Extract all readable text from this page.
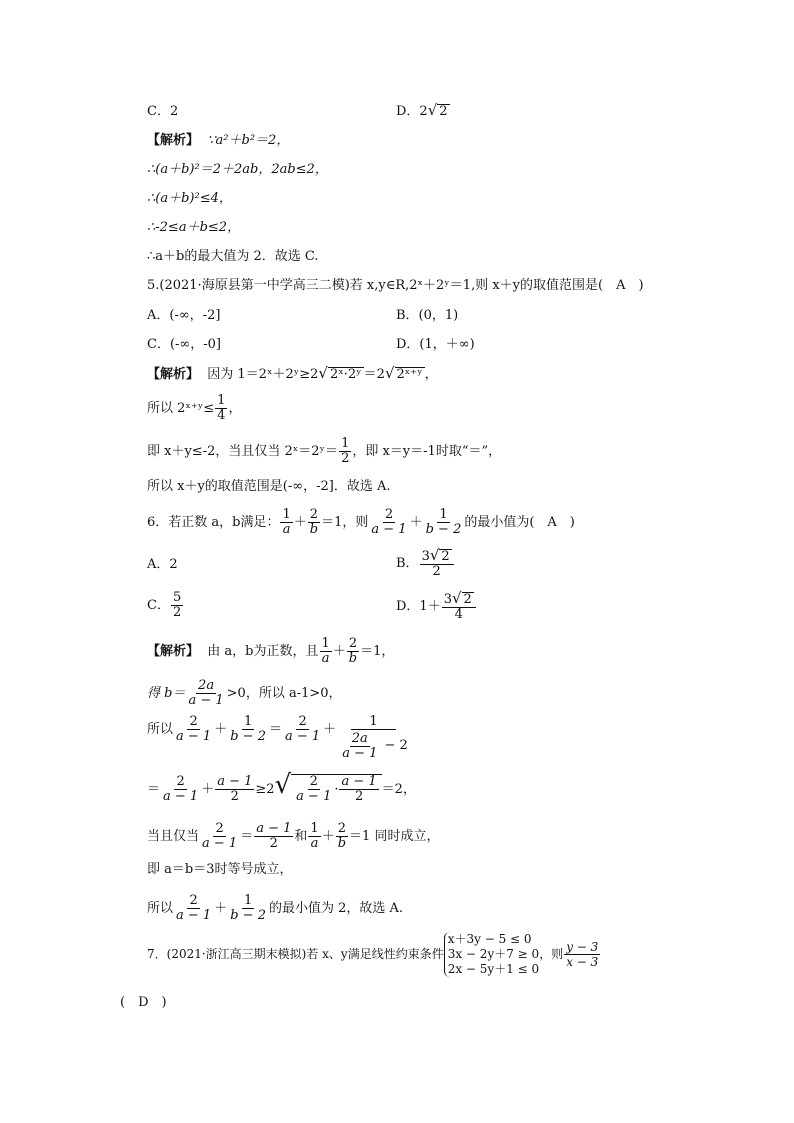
C．2	D．2√ 2
【解析】 ∵a²＋b²＝2，
∴(a＋b)²＝2＋2ab，2ab≤2，
∴(a＋b)²≤4，
∴-2≤a＋b≤2，
∴a＋b的最大值为 2．故选 C.
5.(2021·海原县第一中学高三二模)若 x,y∈R,2ˣ＋2ʸ＝1,则 x＋y的取值范围是(　A　)
A．(-∞，-2]	B．(0，1)
C．(-∞，-0]	D．(1，＋∞)
【解析】 因为 1＝2ˣ＋2ʸ≥2√ 2ˣ·2ʸ ＝2√ 2ˣ⁺ʸ ，
所以 2ˣ⁺ʸ≤ $\frac{1}{4}$ ，
即 x＋y≤-2，当且仅当 2ˣ＝2ʸ＝ $\frac{1}{2}$ ，即 x＝y＝-1时取“＝”，
所以 x＋y的取值范围是(-∞，-2]．故选 A.
6．若正数 a，b满足： $\frac{1}{a} + \frac{2}{b} =1$，则 $\frac{2}{a - 1} + \frac{1}{b - 2}$ 的最小值为(　A　)
A．2	B． $\frac{3√ 2}{2}$
C． $\frac{5}{2}$	D．$1+ \frac{3√ 2}{4}$
【解析】 由 a，b为正数，且 $\frac{1}{a} + \frac{2}{b} =1$，
得 $b= \frac{2a}{a - 1} >0$，所以 a-1>0，
所以 $\frac{2}{a - 1} + \frac{1}{b - 2} = \frac{2}{a - 1} + \frac{1}{\frac{2a}{a - 1} - 2}$
＝ $\frac{2}{a - 1} + \frac{a - 1}{2} \ge 2√ \frac{2}{a - 1} \cdot \frac{a - 1}{2} =2$，
当且仅当 $\frac{2}{a - 1} = \frac{a - 1}{2}$ 和 $\frac{1}{a} + \frac{2}{b} =1$ 同时成立，
即 a＝b＝3时等号成立，
所以 $\frac{2}{a - 1} + \frac{1}{b - 2}$ 的最小值为 2，故选 A.
7．(2021·浙江高三期末模拟)若 x、y满足线性约束条件
x＋3y − 5 ≤ 0
3x − 2y＋7 ≥ 0
2x − 5y＋1 ≤ 0
，则 $\frac{y - 3}{x - 3}$
(　D　)
